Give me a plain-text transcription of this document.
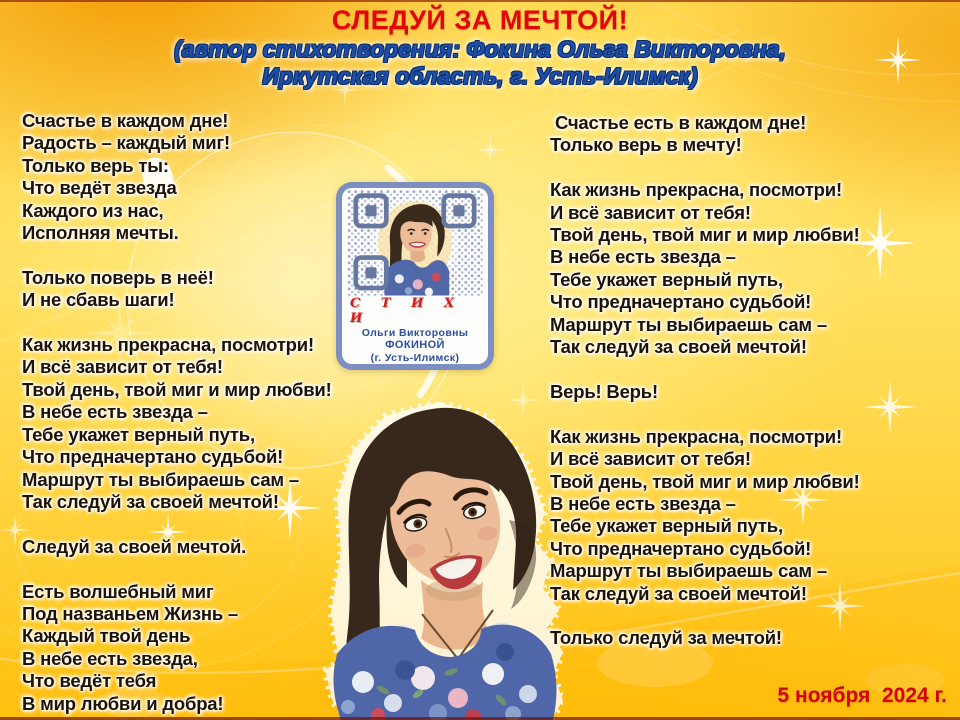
СЛЕДУЙ ЗА МЕЧТОЙ!
(автор стихотворения: Фокина Ольга Викторовна,
Иркутская область, г. Усть-Илимск)
Счастье в каждом дне!
Радость – каждый миг!
Только верь ты:
Что ведёт звезда
Каждого из нас,
Исполняя мечты.

Только поверь в неё!
И не сбавь шаги!

Как жизнь прекрасна, посмотри!
И всё зависит от тебя!
Твой день, твой миг и мир любви!
В небе есть звезда –
Тебе укажет верный путь,
Что предначертано судьбой!
Маршрут ты выбираешь сам –
Так следуй за своей мечтой!

Следуй за своей мечтой.

Есть волшебный миг
Под названьем Жизнь –
Каждый твой день
В небе есть звезда,
Что ведёт тебя
В мир любви и добра!
Счастье есть в каждом дне!
Только верь в мечту!

Как жизнь прекрасна, посмотри!
И всё зависит от тебя!
Твой день, твой миг и мир любви!
В небе есть звезда –
Тебе укажет верный путь,
Что предначертано судьбой!
Маршрут ты выбираешь сам –
Так следуй за своей мечтой!

Верь! Верь!

Как жизнь прекрасна, посмотри!
И всё зависит от тебя!
Твой день, твой миг и мир любви!
В небе есть звезда –
Тебе укажет верный путь,
Что предначертано судьбой!
Маршрут ты выбираешь сам –
Так следуй за своей мечтой!

Только следуй за мечтой!
С Т И Х И
Ольги Викторовны
ФОКИНОЙ
(г. Усть-Илимск)
5 ноября  2024 г.
